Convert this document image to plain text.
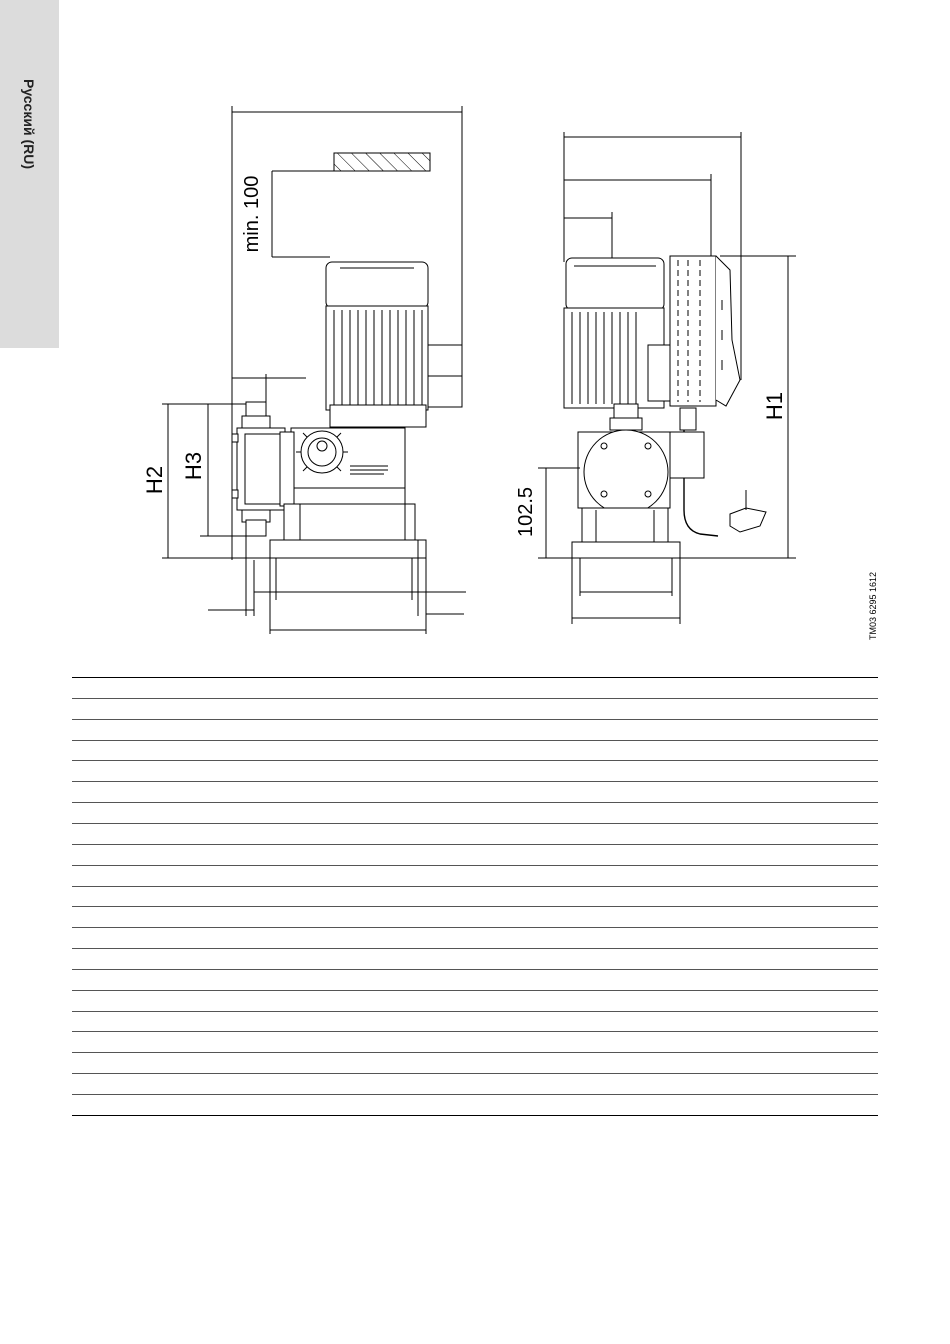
Русский (RU)
min. 100
H2 H3
102.5
H1
TM03 6295 1612
